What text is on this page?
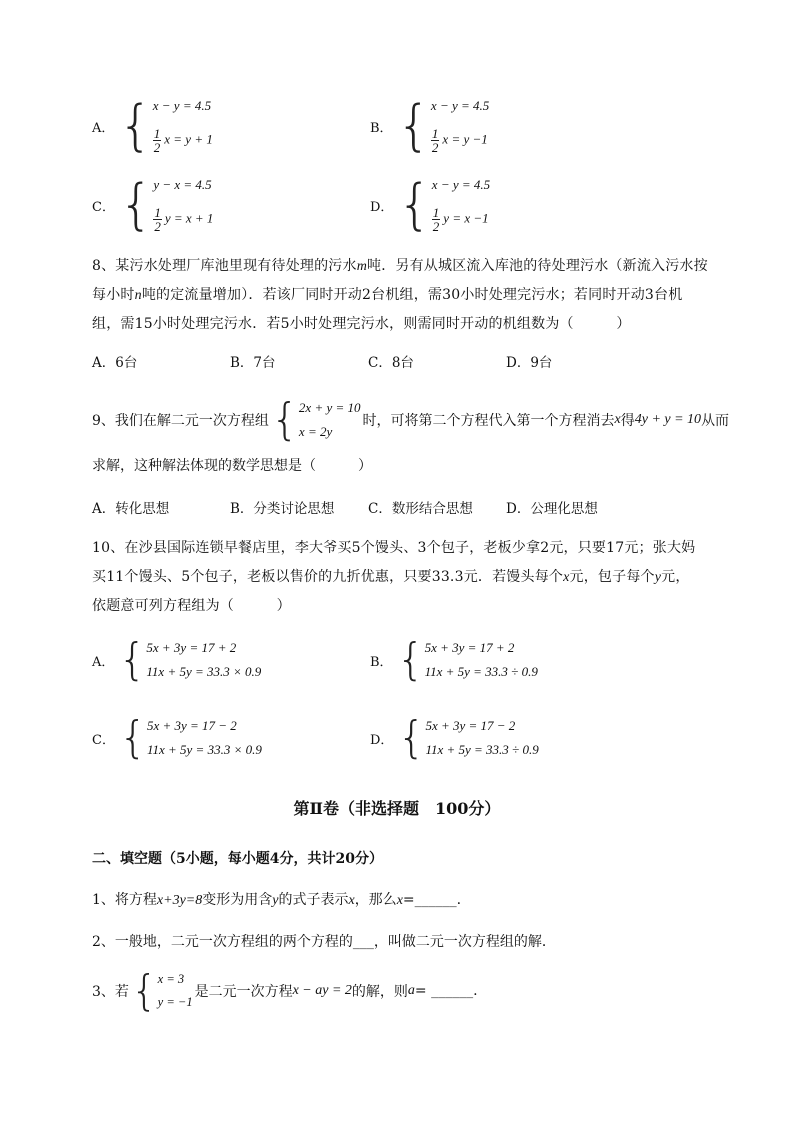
A． { x − y = 4.5
$\frac{1}{2}$ x = y + 1
B． { x − y = 4.5
$\frac{1}{2}$ x = y −1
C． { y − x = 4.5
$\frac{1}{2}$ y = x + 1
D． { x − y = 4.5
$\frac{1}{2}$ y = x −1
8、某污水处理厂库池里现有待处理的污水m吨．另有从城区流入库池的待处理污水（新流入污水按
每小时n吨的定流量增加）．若该厂同时开动2台机组，需30小时处理完污水；若同时开动3台机
组，需15小时处理完污水．若5小时处理完污水，则需同时开动的机组数为（　　　）
A．6台	B．7台	C．8台	D．9台
9、我们在解二元一次方程组 { 2x + y = 10
x = 2y
时，可将第二个方程代入第一个方程消去 x 得 4y + y = 10 从而
求解，这种解法体现的数学思想是（　　　）
A．转化思想	B．分类讨论思想	C．数形结合思想	D．公理化思想
10、在沙县国际连锁早餐店里，李大爷买5个馒头、3个包子，老板少拿2元，只要17元；张大妈
买11个馒头、5个包子，老板以售价的九折优惠，只要33.3元．若馒头每个x元，包子每个y元，
依题意可列方程组为（　　　）
A． { 5x + 3y = 17 + 2
11x + 5y = 33.3 × 0.9
B． { 5x + 3y = 17 + 2
11x + 5y = 33.3 ÷ 0.9
C． { 5x + 3y = 17 − 2
11x + 5y = 33.3 × 0.9
D． { 5x + 3y = 17 − 2
11x + 5y = 33.3 ÷ 0.9
第Ⅱ卷（非选择题　100分）
二、填空题（5小题，每小题4分，共计20分）
1、将方程x+3y=8变形为用含y的式子表示x，那么x=______.
2、一般地，二元一次方程组的两个方程的___，叫做二元一次方程组的解．
3、若 { x = 3
y = −1
是二元一次方程 x − ay = 2 的解，则 a = ______.
